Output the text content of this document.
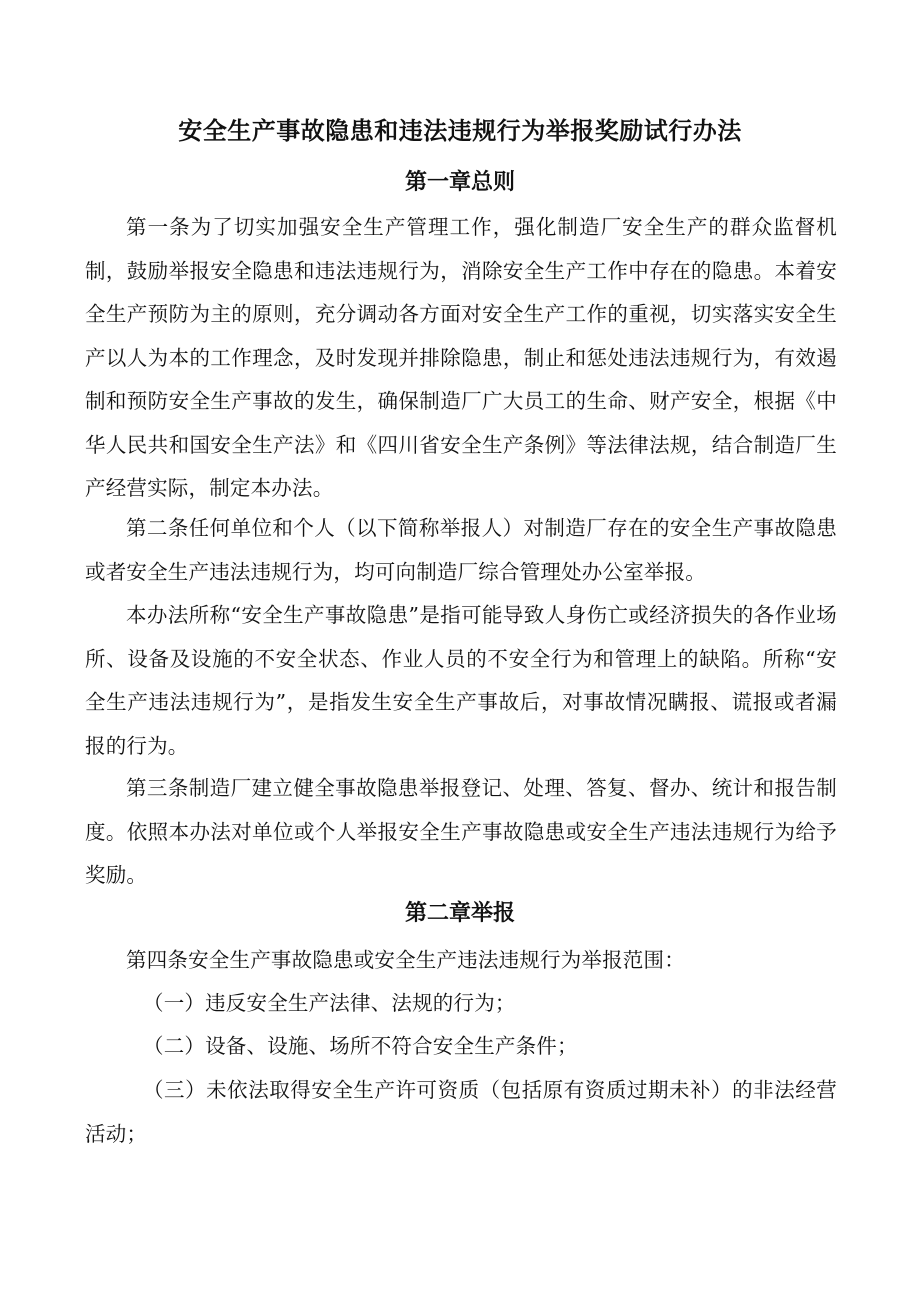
安全生产事故隐患和违法违规行为举报奖励试行办法
第一章总则
第一条为了切实加强安全生产管理工作，强化制造厂安全生产的群众监督机制，鼓励举报安全隐患和违法违规行为，消除安全生产工作中存在的隐患。本着安全生产预防为主的原则，充分调动各方面对安全生产工作的重视，切实落实安全生产以人为本的工作理念，及时发现并排除隐患，制止和惩处违法违规行为，有效遏制和预防安全生产事故的发生，确保制造厂广大员工的生命、财产安全，根据《中华人民共和国安全生产法》和《四川省安全生产条例》等法律法规，结合制造厂生产经营实际，制定本办法。
第二条任何单位和个人（以下简称举报人）对制造厂存在的安全生产事故隐患或者安全生产违法违规行为，均可向制造厂综合管理处办公室举报。
本办法所称“安全生产事故隐患”是指可能导致人身伤亡或经济损失的各作业场所、设备及设施的不安全状态、作业人员的不安全行为和管理上的缺陷。所称“安全生产违法违规行为”，是指发生安全生产事故后，对事故情况瞒报、谎报或者漏报的行为。
第三条制造厂建立健全事故隐患举报登记、处理、答复、督办、统计和报告制度。依照本办法对单位或个人举报安全生产事故隐患或安全生产违法违规行为给予奖励。
第二章举报
第四条安全生产事故隐患或安全生产违法违规行为举报范围：
（一）违反安全生产法律、法规的行为；
（二）设备、设施、场所不符合安全生产条件；
（三）未依法取得安全生产许可资质（包括原有资质过期未补）的非法经营活动；
